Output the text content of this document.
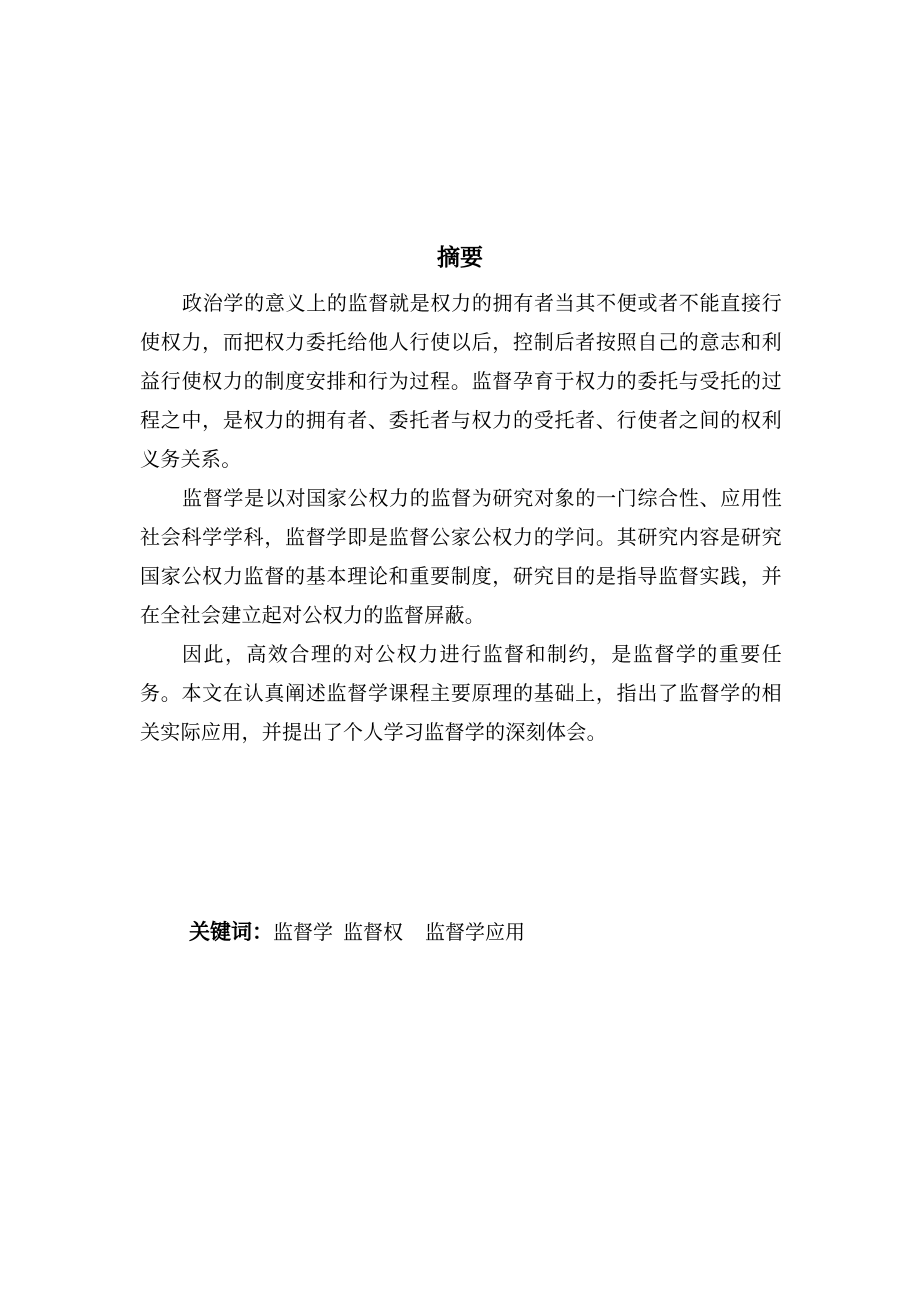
摘要

政治学的意义上的监督就是权力的拥有者当其不便或者不能直接行使权力，而把权力委托给他人行使以后，控制后者按照自己的意志和利益行使权力的制度安排和行为过程。监督孕育于权力的委托与受托的过程之中，是权力的拥有者、委托者与权力的受托者、行使者之间的权利义务关系。

监督学是以对国家公权力的监督为研究对象的一门综合性、应用性社会科学学科，监督学即是监督公家公权力的学问。其研究内容是研究国家公权力监督的基本理论和重要制度，研究目的是指导监督实践，并在全社会建立起对公权力的监督屏蔽。

因此，高效合理的对公权力进行监督和制约，是监督学的重要任务。本文在认真阐述监督学课程主要原理的基础上，指出了监督学的相关实际应用，并提出了个人学习监督学的深刻体会。

关键词：监督学 监督权 监督学应用
